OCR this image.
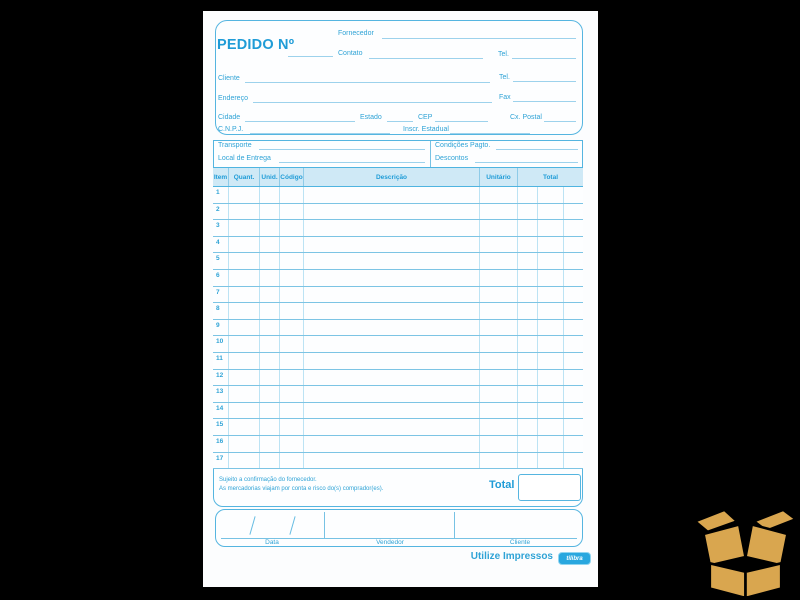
PEDIDO Nº
Fornecedor
Contato	Tel.
Cliente	Tel.
Endereço	Fax
Cidade	Estado	CEP	Cx. Postal
C.N.P.J.	Inscr. Estadual
Transporte
Local de Entrega
Condições Pagto.
Descontos
Item	Quant.	Unid. Código	Descrição	Unitário	Total
1
2
3
4
5
6
7
8
9
10
11
12
13
14
15
16
17
Sujeito a confirmação do fornecedor.
As mercadorias viajam por conta e risco do(s) comprador(es).	Total
Data	Vendedor	Cliente
Utilize Impressos	tilibra
